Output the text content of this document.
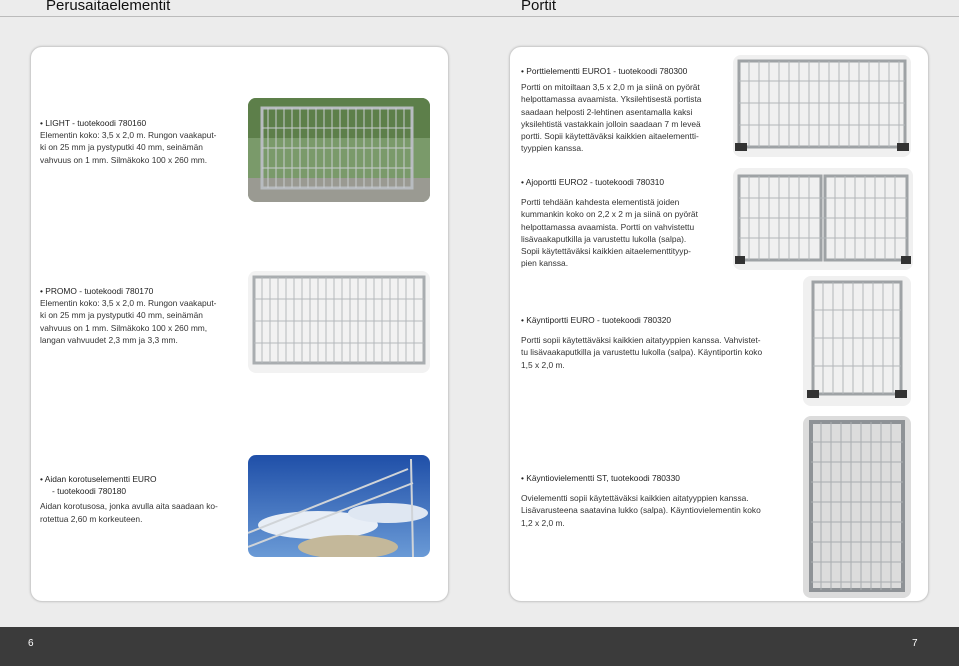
Perusaitaelementit	Portit
• LIGHT - tuotekoodi 780160
Elementin koko: 3,5 x 2,0 m. Rungon vaakaput-
ki on 25 mm ja pystyputki 40 mm, seinämän
vahvuus on 1 mm. Silmäkoko 100 x 260 mm.
• PROMO - tuotekoodi 780170
Elementin koko: 3,5 x 2,0 m. Rungon vaakaput-
ki on 25 mm ja pystyputki 40 mm, seinämän
vahvuus on 1 mm. Silmäkoko 100 x 260 mm,
langan vahvuudet 2,3 mm ja 3,3 mm.
• Aidan korotuselementti EURO
- tuotekoodi 780180
Aidan korotusosa, jonka avulla aita saadaan ko-
rotettua 2,60 m korkeuteen.
• Porttielementti EURO1 - tuotekoodi 780300
Portti on mitoiltaan 3,5 x 2,0 m ja siinä on pyörät
helpottamassa avaamista. Yksilehtisestä portista
saadaan helposti 2-lehtinen asentamalla kaksi
yksilehtistä vastakkain jolloin saadaan 7 m leveä
portti. Sopii käytettäväksi kaikkien aitaelementti-
tyyppien kanssa.
• Ajoportti EURO2 - tuotekoodi 780310
Portti tehdään kahdesta elementistä joiden
kummankin koko on 2,2 x 2 m ja siinä on pyörät
helpottamassa avaamista. Portti on vahvistettu
lisävaakaputkilla ja varustettu lukolla (salpa).
Sopii käytettäväksi kaikkien aitaelementtityyp-
pien kanssa.
• Käyntiportti EURO - tuotekoodi 780320
Portti sopii käytettäväksi kaikkien aitatyyppien kanssa. Vahvistet-
tu lisävaakaputkilla ja varustettu lukolla (salpa). Käyntiportin koko
1,5 x 2,0 m.
• Käyntiovielementti ST, tuotekoodi 780330
Ovielementti sopii käytettäväksi kaikkien aitatyyppien kanssa.
Lisävarusteena saatavina lukko (salpa). Käyntiovielementin koko
1,2 x 2,0 m.
6	7
